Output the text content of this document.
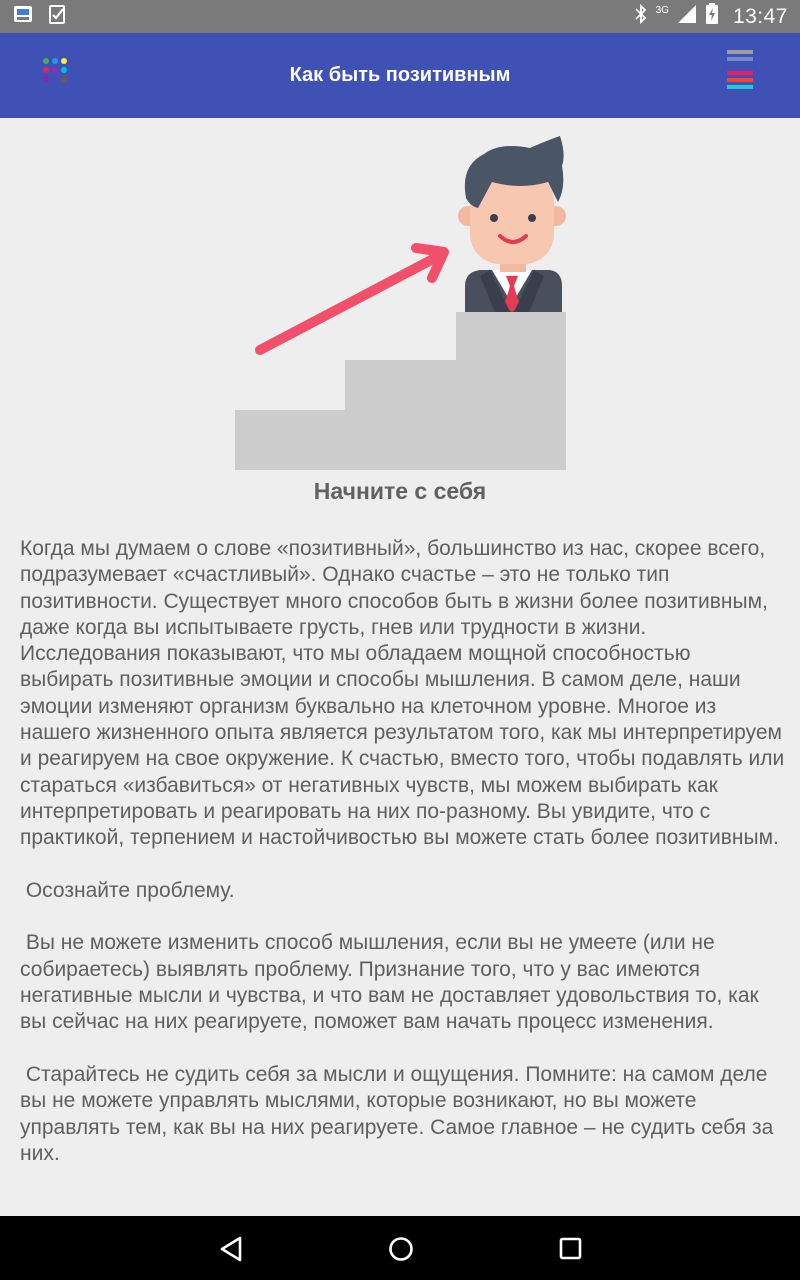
3G	13:47
Как быть позитивным
Начните с себя

Когда мы думаем о слове «позитивный», большинство из нас, скорее всего, подразумевает «счастливый». Однако счастье – это не только тип позитивности. Существует много способов быть в жизни более позитивным, даже когда вы испытываете грусть, гнев или трудности в жизни. Исследования показывают, что мы обладаем мощной способностью выбирать позитивные эмоции и способы мышления. В самом деле, наши эмоции изменяют организм буквально на клеточном уровне. Многое из нашего жизненного опыта является результатом того, как мы интерпретируем и реагируем на свое окружение. К счастью, вместо того, чтобы подавлять или стараться «избавиться» от негативных чувств, мы можем выбирать как интерпретировать и реагировать на них по-разному. Вы увидите, что с практикой, терпением и настойчивостью вы можете стать более позитивным.

Осознайте проблему.

Вы не можете изменить способ мышления, если вы не умеете (или не собираетесь) выявлять проблему. Признание того, что у вас имеются негативные мысли и чувства, и что вам не доставляет удовольствия то, как вы сейчас на них реагируете, поможет вам начать процесс изменения.

Старайтесь не судить себя за мысли и ощущения. Помните: на самом деле вы не можете управлять мыслями, которые возникают, но вы можете управлять тем, как вы на них реагируете. Самое главное – не судить себя за них.
